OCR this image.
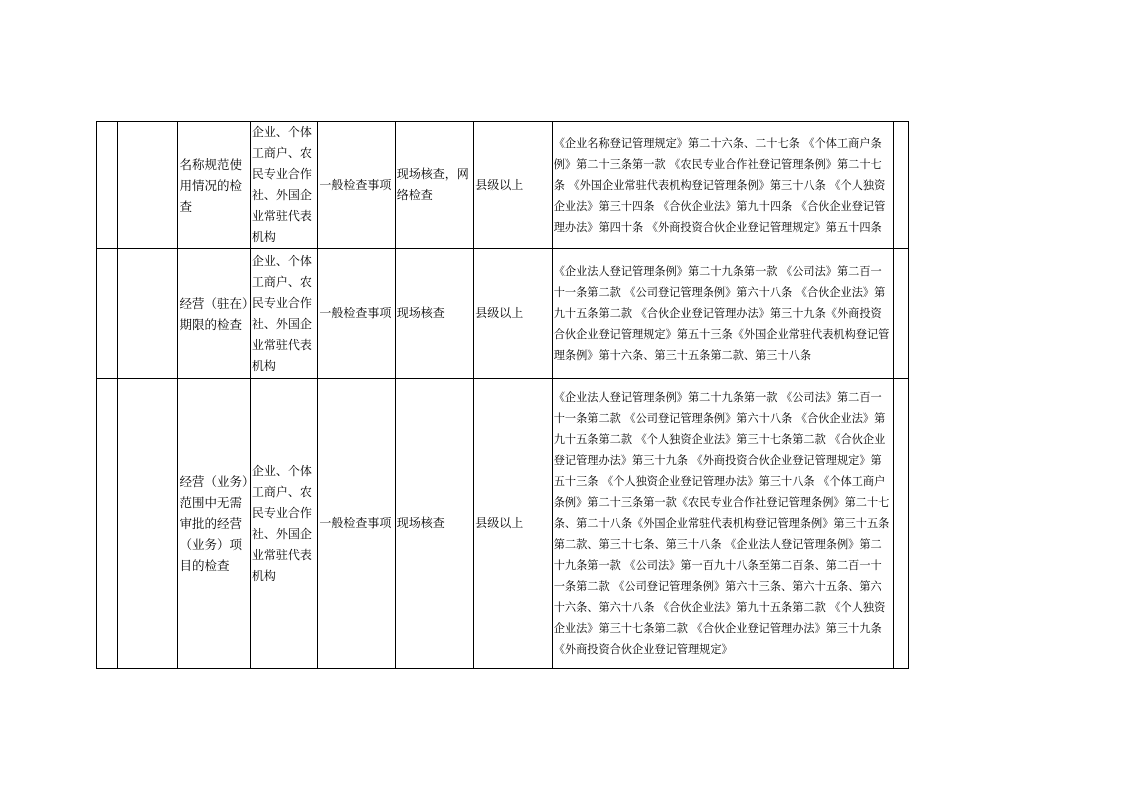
		名称规范使用情况的检查	企业、个体工商户、农民专业合作社、外国企业常驻代表机构	一般检查事项	现场核查，网络检查	县级以上	《企业名称登记管理规定》第二十六条、二十七条 《个体工商户条例》第二十三条第一款 《农民专业合作社登记管理条例》第二十七条 《外国企业常驻代表机构登记管理条例》第三十八条 《个人独资企业法》第三十四条 《合伙企业法》第九十四条 《合伙企业登记管理办法》第四十条 《外商投资合伙企业登记管理规定》第五十四条	
		经营（驻在）期限的检查	企业、个体工商户、农民专业合作社、外国企业常驻代表机构	一般检查事项	现场核查	县级以上	《企业法人登记管理条例》第二十九条第一款 《公司法》第二百一十一条第二款 《公司登记管理条例》第六十八条 《合伙企业法》第九十五条第二款 《合伙企业登记管理办法》第三十九条《外商投资合伙企业登记管理规定》第五十三条《外国企业常驻代表机构登记管理条例》第十六条、第三十五条第二款、第三十八条	
		经营（业务）范围中无需审批的经营（业务）项目的检查	企业、个体工商户、农民专业合作社、外国企业常驻代表机构	一般检查事项	现场核查	县级以上	《企业法人登记管理条例》第二十九条第一款 《公司法》第二百一十一条第二款 《公司登记管理条例》第六十八条 《合伙企业法》第九十五条第二款 《个人独资企业法》第三十七条第二款 《合伙企业登记管理办法》第三十九条 《外商投资合伙企业登记管理规定》第五十三条 《个人独资企业登记管理办法》第三十八条 《个体工商户条例》第二十三条第一款《农民专业合作社登记管理条例》第二十七条、第二十八条《外国企业常驻代表机构登记管理条例》第三十五条第二款、第三十七条、第三十八条 《企业法人登记管理条例》第二十九条第一款 《公司法》第一百九十八条至第二百条、第二百一十一条第二款 《公司登记管理条例》第六十三条、第六十五条、第六十六条、第六十八条 《合伙企业法》第九十五条第二款 《个人独资企业法》第三十七条第二款 《合伙企业登记管理办法》第三十九条 《外商投资合伙企业登记管理规定》	
